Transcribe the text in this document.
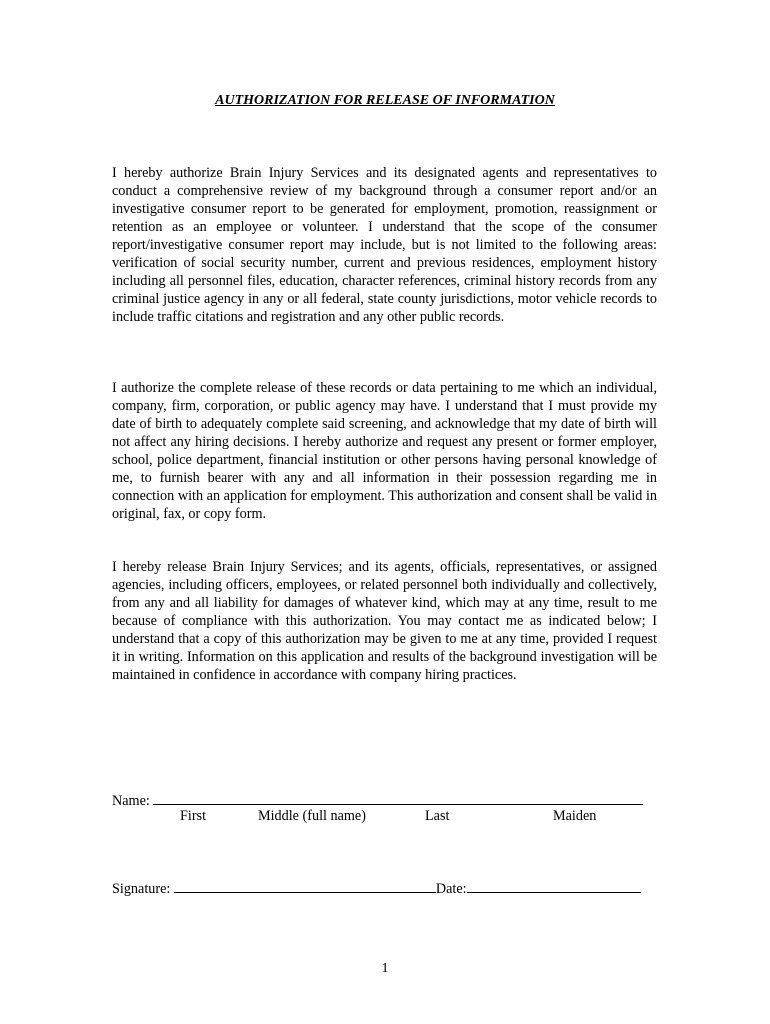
AUTHORIZATION FOR RELEASE OF INFORMATION

I hereby authorize Brain Injury Services and its designated agents and representatives to conduct a comprehensive review of my background through a consumer report and/or an investigative consumer report to be generated for employment, promotion, reassignment or retention as an employee or volunteer. I understand that the scope of the consumer report/investigative consumer report may include, but is not limited to the following areas: verification of social security number, current and previous residences, employment history including all personnel files, education, character references, criminal history records from any criminal justice agency in any or all federal, state county jurisdictions, motor vehicle records to include traffic citations and registration and any other public records.

I authorize the complete release of these records or data pertaining to me which an individual, company, firm, corporation, or public agency may have. I understand that I must provide my date of birth to adequately complete said screening, and acknowledge that my date of birth will not affect any hiring decisions. I hereby authorize and request any present or former employer, school, police department, financial institution or other persons having personal knowledge of me, to furnish bearer with any and all information in their possession regarding me in connection with an application for employment. This authorization and consent shall be valid in original, fax, or copy form.

I hereby release Brain Injury Services; and its agents, officials, representatives, or assigned agencies, including officers, employees, or related personnel both individually and collectively, from any and all liability for damages of whatever kind, which may at any time, result to me because of compliance with this authorization. You may contact me as indicated below; I understand that a copy of this authorization may be given to me at any time, provided I request it in writing. Information on this application and results of the background investigation will be maintained in confidence in accordance with company hiring practices.

Name:
First	Middle (full name)	Last	Maiden
Signature:	Date:
1
